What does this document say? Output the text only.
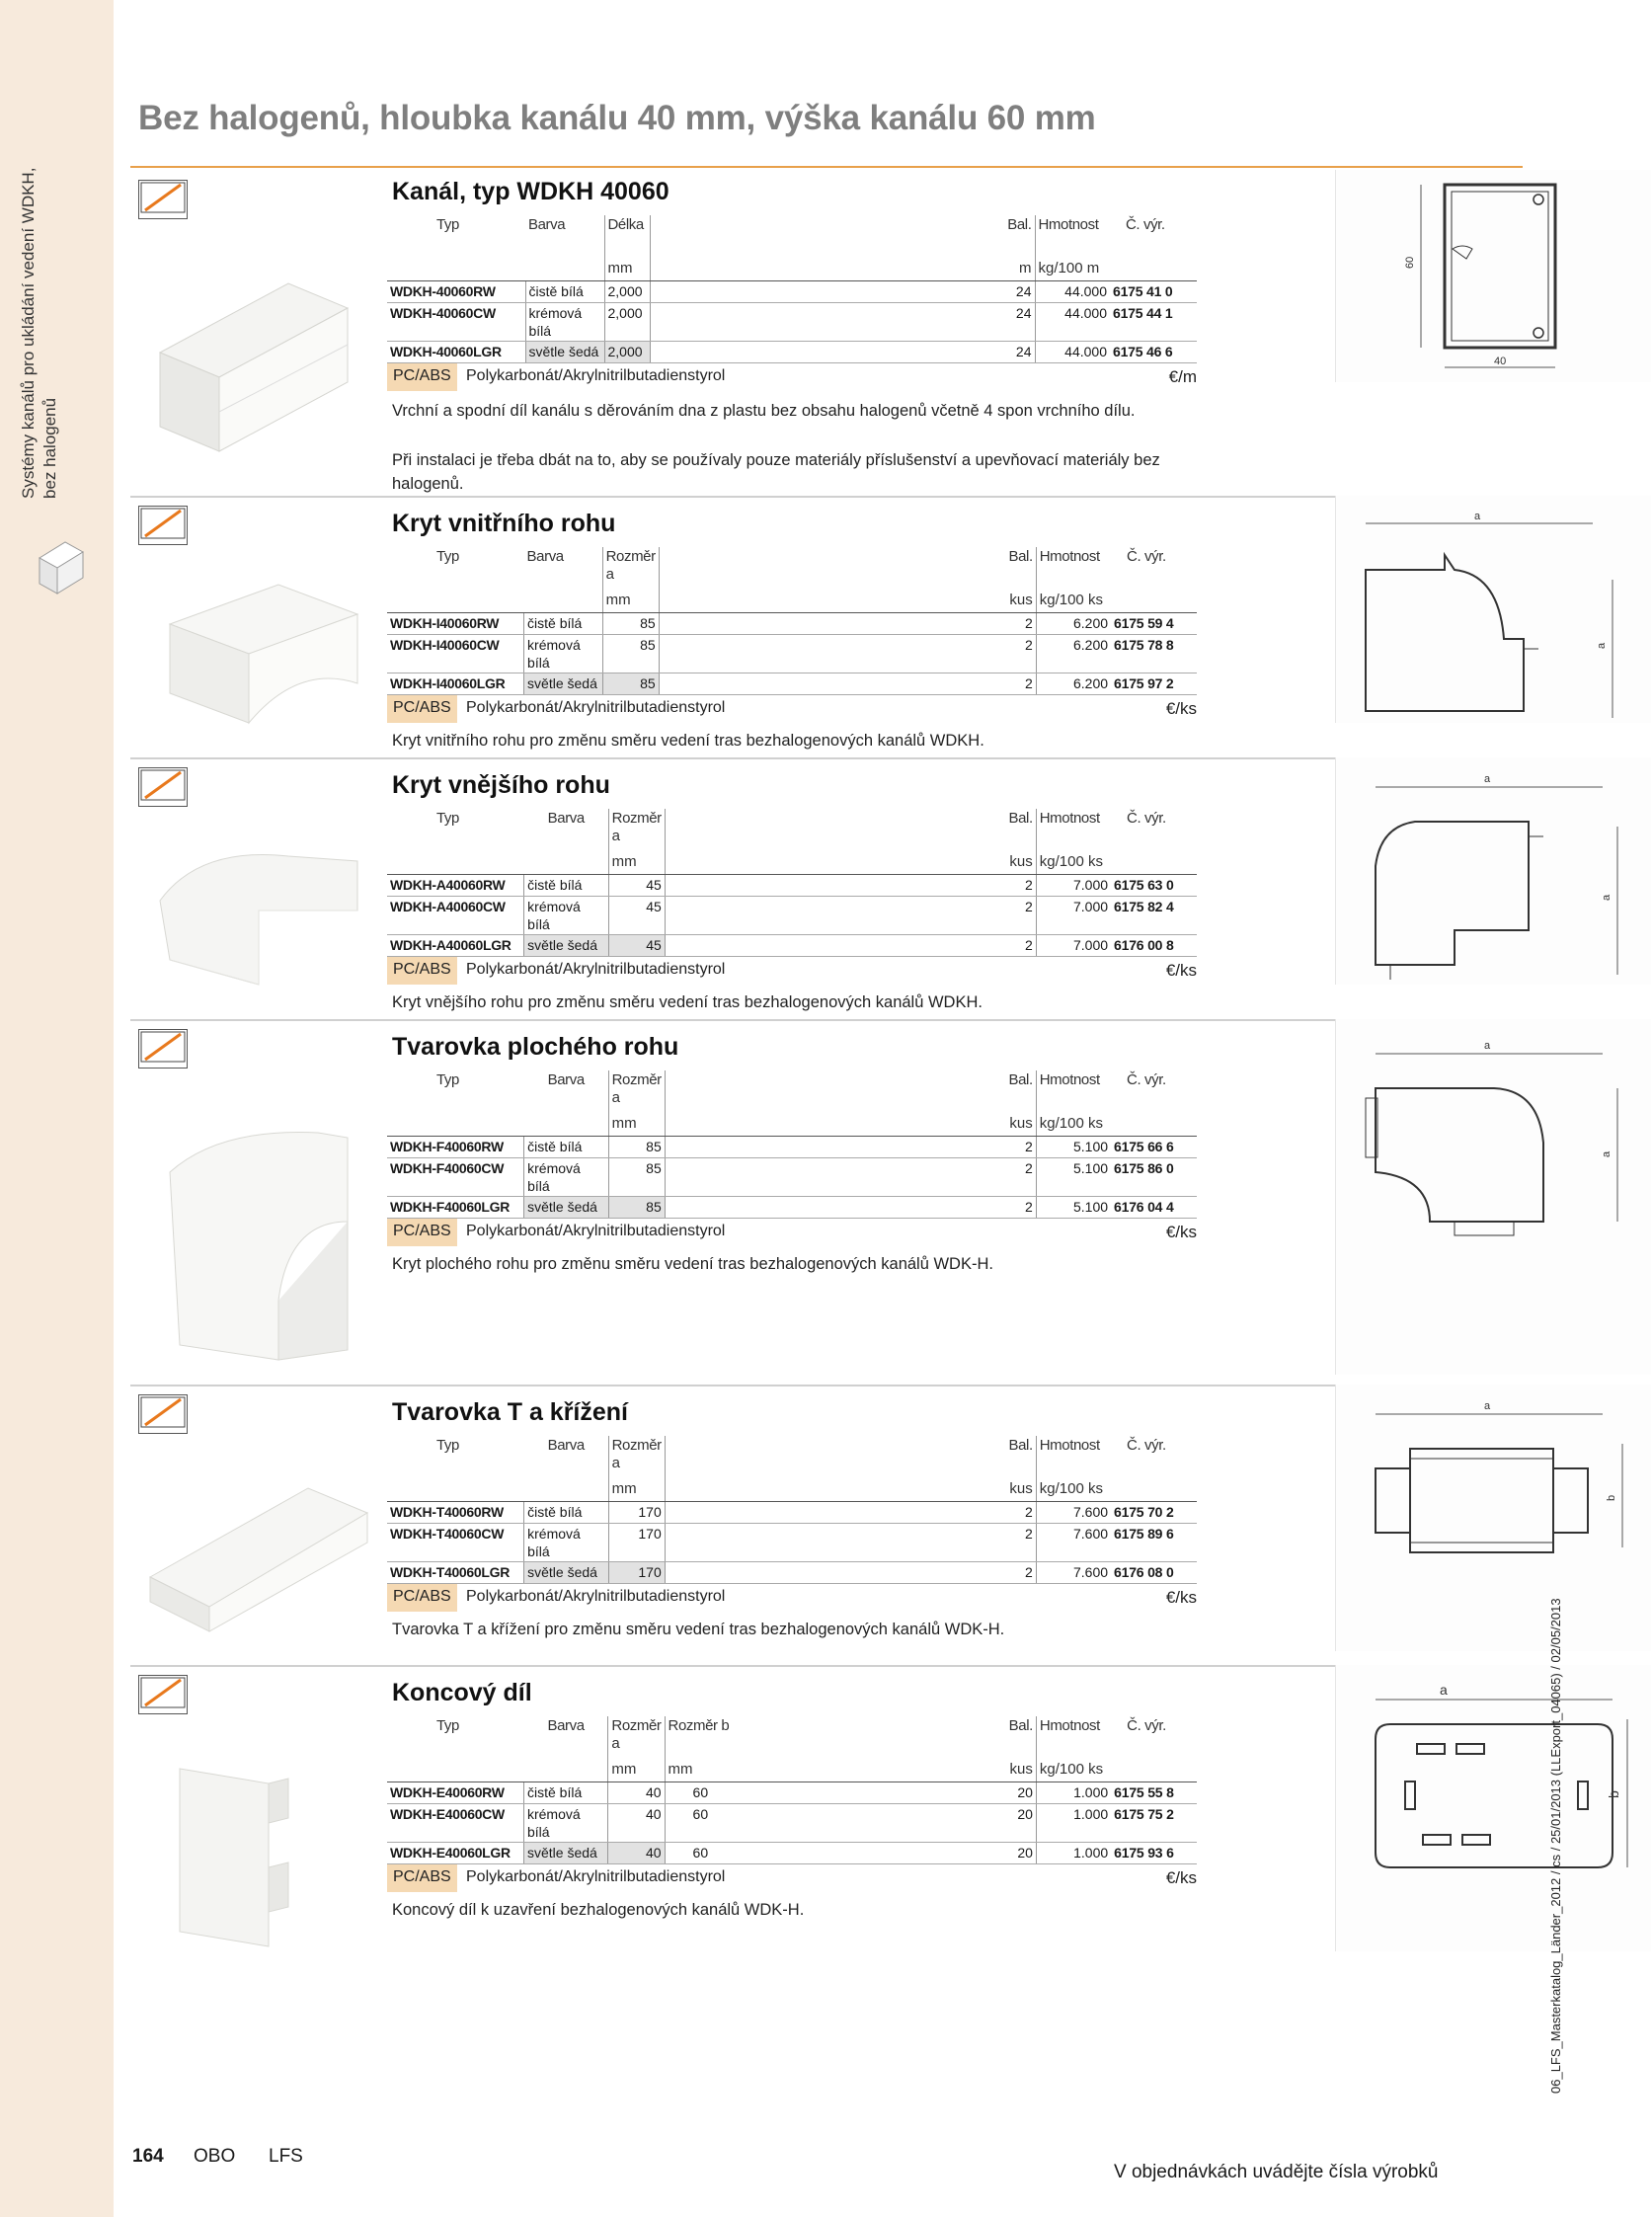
Systémy kanálů pro ukládání vedení WDKH, bez halogenů
Bez halogenů, hloubka kanálu 40 mm, výška kanálu 60 mm
Kanál, typ WDKH 40060
Typ	Barva	Délka		Bal.	Hmotnost	Č. výr.
		mm		m	kg/100 m	
WDKH-40060RW	čistě bílá	2,000		24	44.000	6175 41 0
WDKH-40060CW	krémová bílá	2,000		24	44.000	6175 44 1
WDKH-40060LGR	světle šedá	2,000		24	44.000	6175 46 6
PC/ABS Polykarbonát/Akrylnitrilbutadienstyrol	€/m
Vrchní a spodní díl kanálu s děrováním dna z plastu bez obsahu halogenů včetně 4 spon vrchního dílu.
Při instalaci je třeba dbát na to, aby se používaly pouze materiály příslušenství a upevňovací materiály bez halogenů.
60
40
Kryt vnitřního rohu
Typ	Barva	Rozměr a		Bal.	Hmotnost	Č. výr.
		mm		kus	kg/100 ks	
WDKH-I40060RW	čistě bílá	85		2	6.200	6175 59 4
WDKH-I40060CW	krémová bílá	85		2	6.200	6175 78 8
WDKH-I40060LGR	světle šedá	85		2	6.200	6175 97 2
PC/ABS Polykarbonát/Akrylnitrilbutadienstyrol	€/ks
Kryt vnitřního rohu pro změnu směru vedení tras bezhalogenových kanálů WDKH.
a
a
Kryt vnějšího rohu
Typ	Barva	Rozměr a		Bal.	Hmotnost	Č. výr.
		mm		kus	kg/100 ks	
WDKH-A40060RW	čistě bílá	45		2	7.000	6175 63 0
WDKH-A40060CW	krémová bílá	45		2	7.000	6175 82 4
WDKH-A40060LGR	světle šedá	45		2	7.000	6176 00 8
PC/ABS Polykarbonát/Akrylnitrilbutadienstyrol	€/ks
Kryt vnějšího rohu pro změnu směru vedení tras bezhalogenových kanálů WDKH.
a
a
Tvarovka plochého rohu
Typ	Barva	Rozměr a		Bal.	Hmotnost	Č. výr.
		mm		kus	kg/100 ks	
WDKH-F40060RW	čistě bílá	85		2	5.100	6175 66 6
WDKH-F40060CW	krémová bílá	85		2	5.100	6175 86 0
WDKH-F40060LGR	světle šedá	85		2	5.100	6176 04 4
PC/ABS Polykarbonát/Akrylnitrilbutadienstyrol	€/ks
Kryt plochého rohu pro změnu směru vedení tras bezhalogenových kanálů WDK-H.
a
a
Tvarovka T a křížení
Typ	Barva	Rozměr a		Bal.	Hmotnost	Č. výr.
		mm		kus	kg/100 ks	
WDKH-T40060RW	čistě bílá	170		2	7.600	6175 70 2
WDKH-T40060CW	krémová bílá	170		2	7.600	6175 89 6
WDKH-T40060LGR	světle šedá	170		2	7.600	6176 08 0
PC/ABS Polykarbonát/Akrylnitrilbutadienstyrol	€/ks
Tvarovka T a křížení pro změnu směru vedení tras bezhalogenových kanálů WDK-H.
a
b
Koncový díl
Typ	Barva	Rozměr a	Rozměr b	Bal.	Hmotnost	Č. výr.
		mm	mm	kus	kg/100 ks	
WDKH-E40060RW	čistě bílá	40	60	20	1.000	6175 55 8
WDKH-E40060CW	krémová bílá	40	60	20	1.000	6175 75 2
WDKH-E40060LGR	světle šedá	40	60	20	1.000	6175 93 6
PC/ABS Polykarbonát/Akrylnitrilbutadienstyrol	€/ks
Koncový díl k uzavření bezhalogenových kanálů WDK-H.
a
b
164 OBO LFS
V objednávkách uvádějte čísla výrobků
06_LFS_Masterkatalog_Länder_2012 / cs / 25/01/2013 (LLExport_04065) / 02/05/2013
